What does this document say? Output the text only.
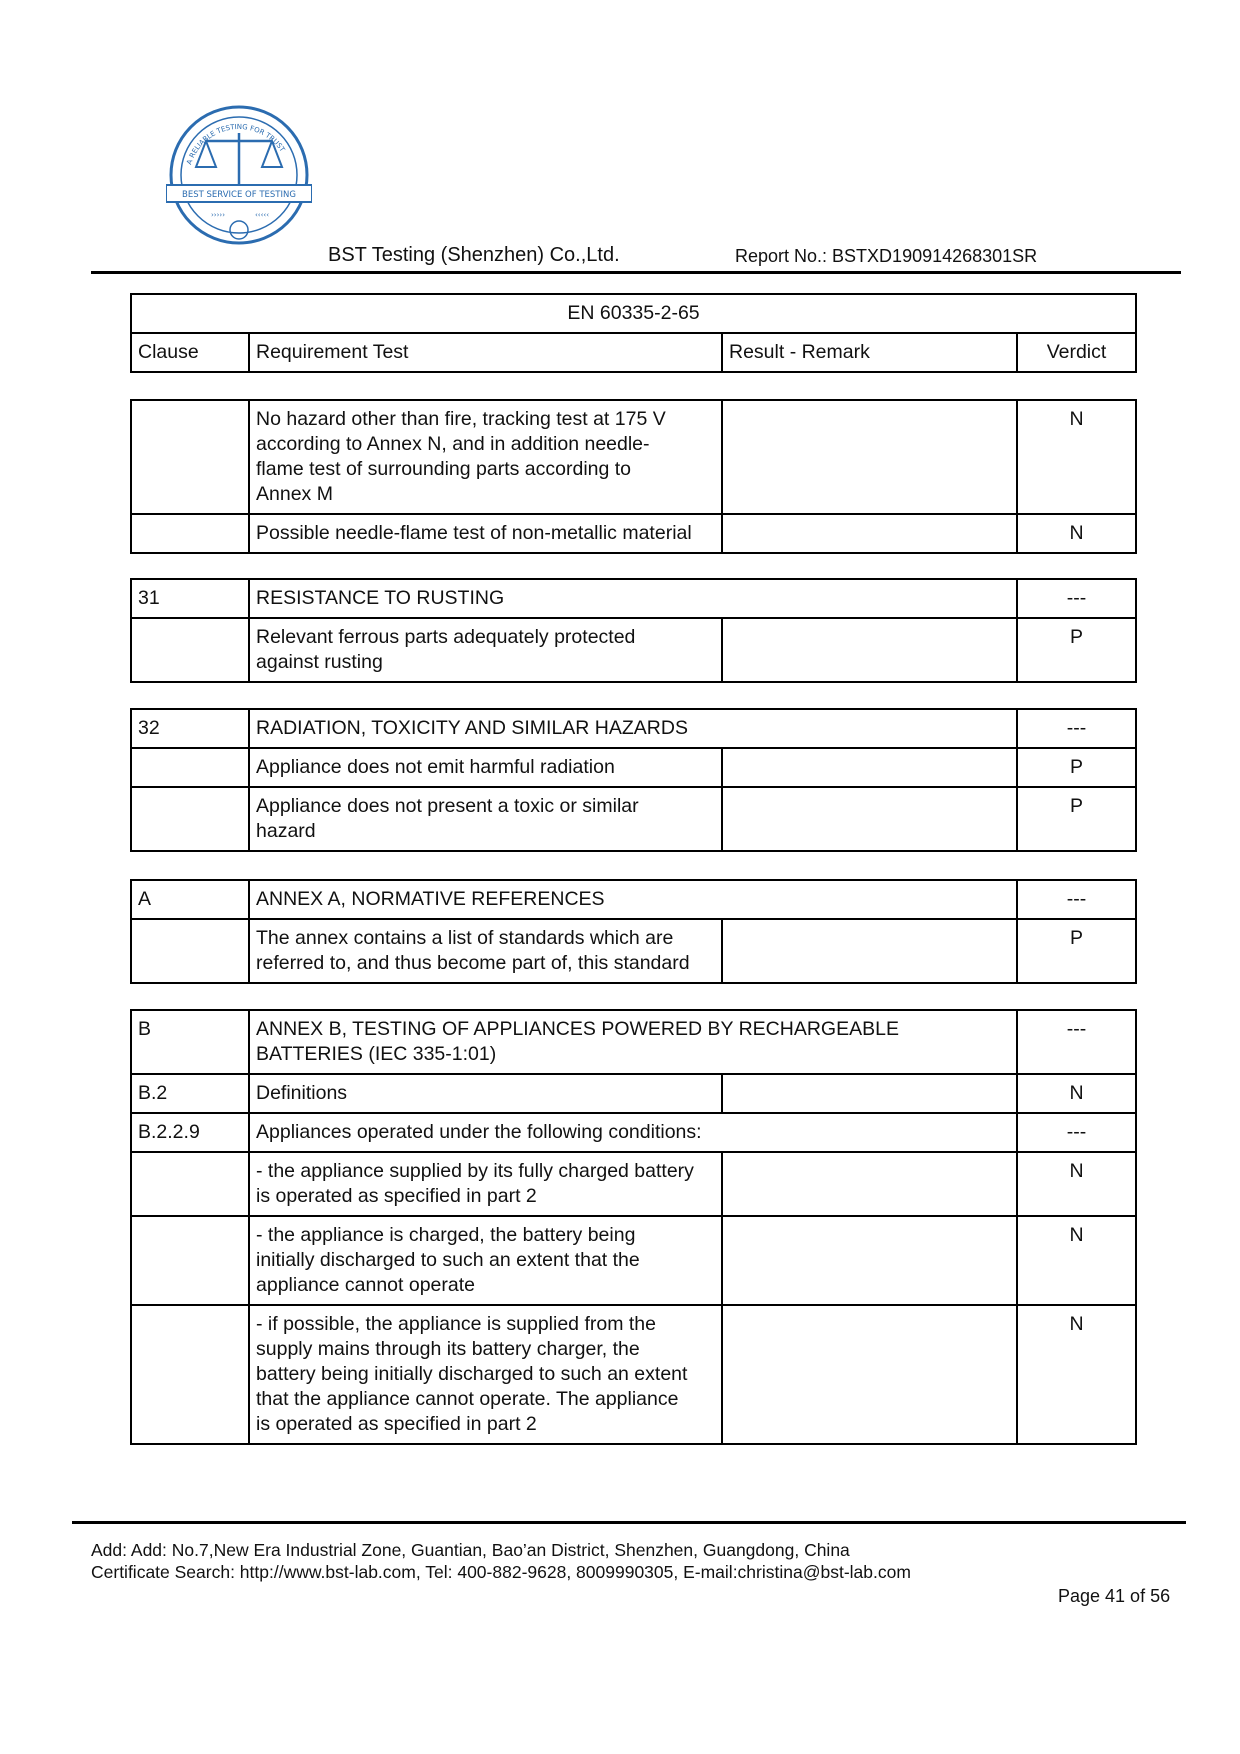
A RELIABLE TESTING FOR TRUST
BEST SERVICE OF TESTING
›››››	‹‹‹‹‹
BST Testing (Shenzhen) Co.,Ltd.	Report No.: BSTXD190914268301SR
EN 60335-2-65
Clause	Requirement Test	Result - Remark	Verdict
	No hazard other than fire, tracking test at 175 V
according to Annex N, and in addition needle-
flame test of surrounding parts according to
Annex M		N
	Possible needle-flame test of non-metallic material		N
31	RESISTANCE TO RUSTING		---
	Relevant ferrous parts adequately protected
against rusting		P
32	RADIATION, TOXICITY AND SIMILAR HAZARDS		---
	Appliance does not emit harmful radiation		P
	Appliance does not present a toxic or similar
hazard		P
A	ANNEX A, NORMATIVE REFERENCES		---
	The annex contains a list of standards which are
referred to, and thus become part of, this standard		P
B	ANNEX B, TESTING OF APPLIANCES POWERED BY RECHARGEABLE
BATTERIES (IEC 335-1:01)		---
B.2	Definitions		N
B.2.2.9	Appliances operated under the following conditions:		---
	- the appliance supplied by its fully charged battery
is operated as specified in part 2		N
	- the appliance is charged, the battery being
initially discharged to such an extent that the
appliance cannot operate		N
	- if possible, the appliance is supplied from the
supply mains through its battery charger, the
battery being initially discharged to such an extent
that the appliance cannot operate. The appliance
is operated as specified in part 2		N
Add: Add: No.7,New Era Industrial Zone, Guantian, Bao’an District, Shenzhen, Guangdong, China
Certificate Search: http://www.bst-lab.com, Tel: 400-882-9628, 8009990305, E-mail:christina@bst-lab.com
Page 41 of 56
